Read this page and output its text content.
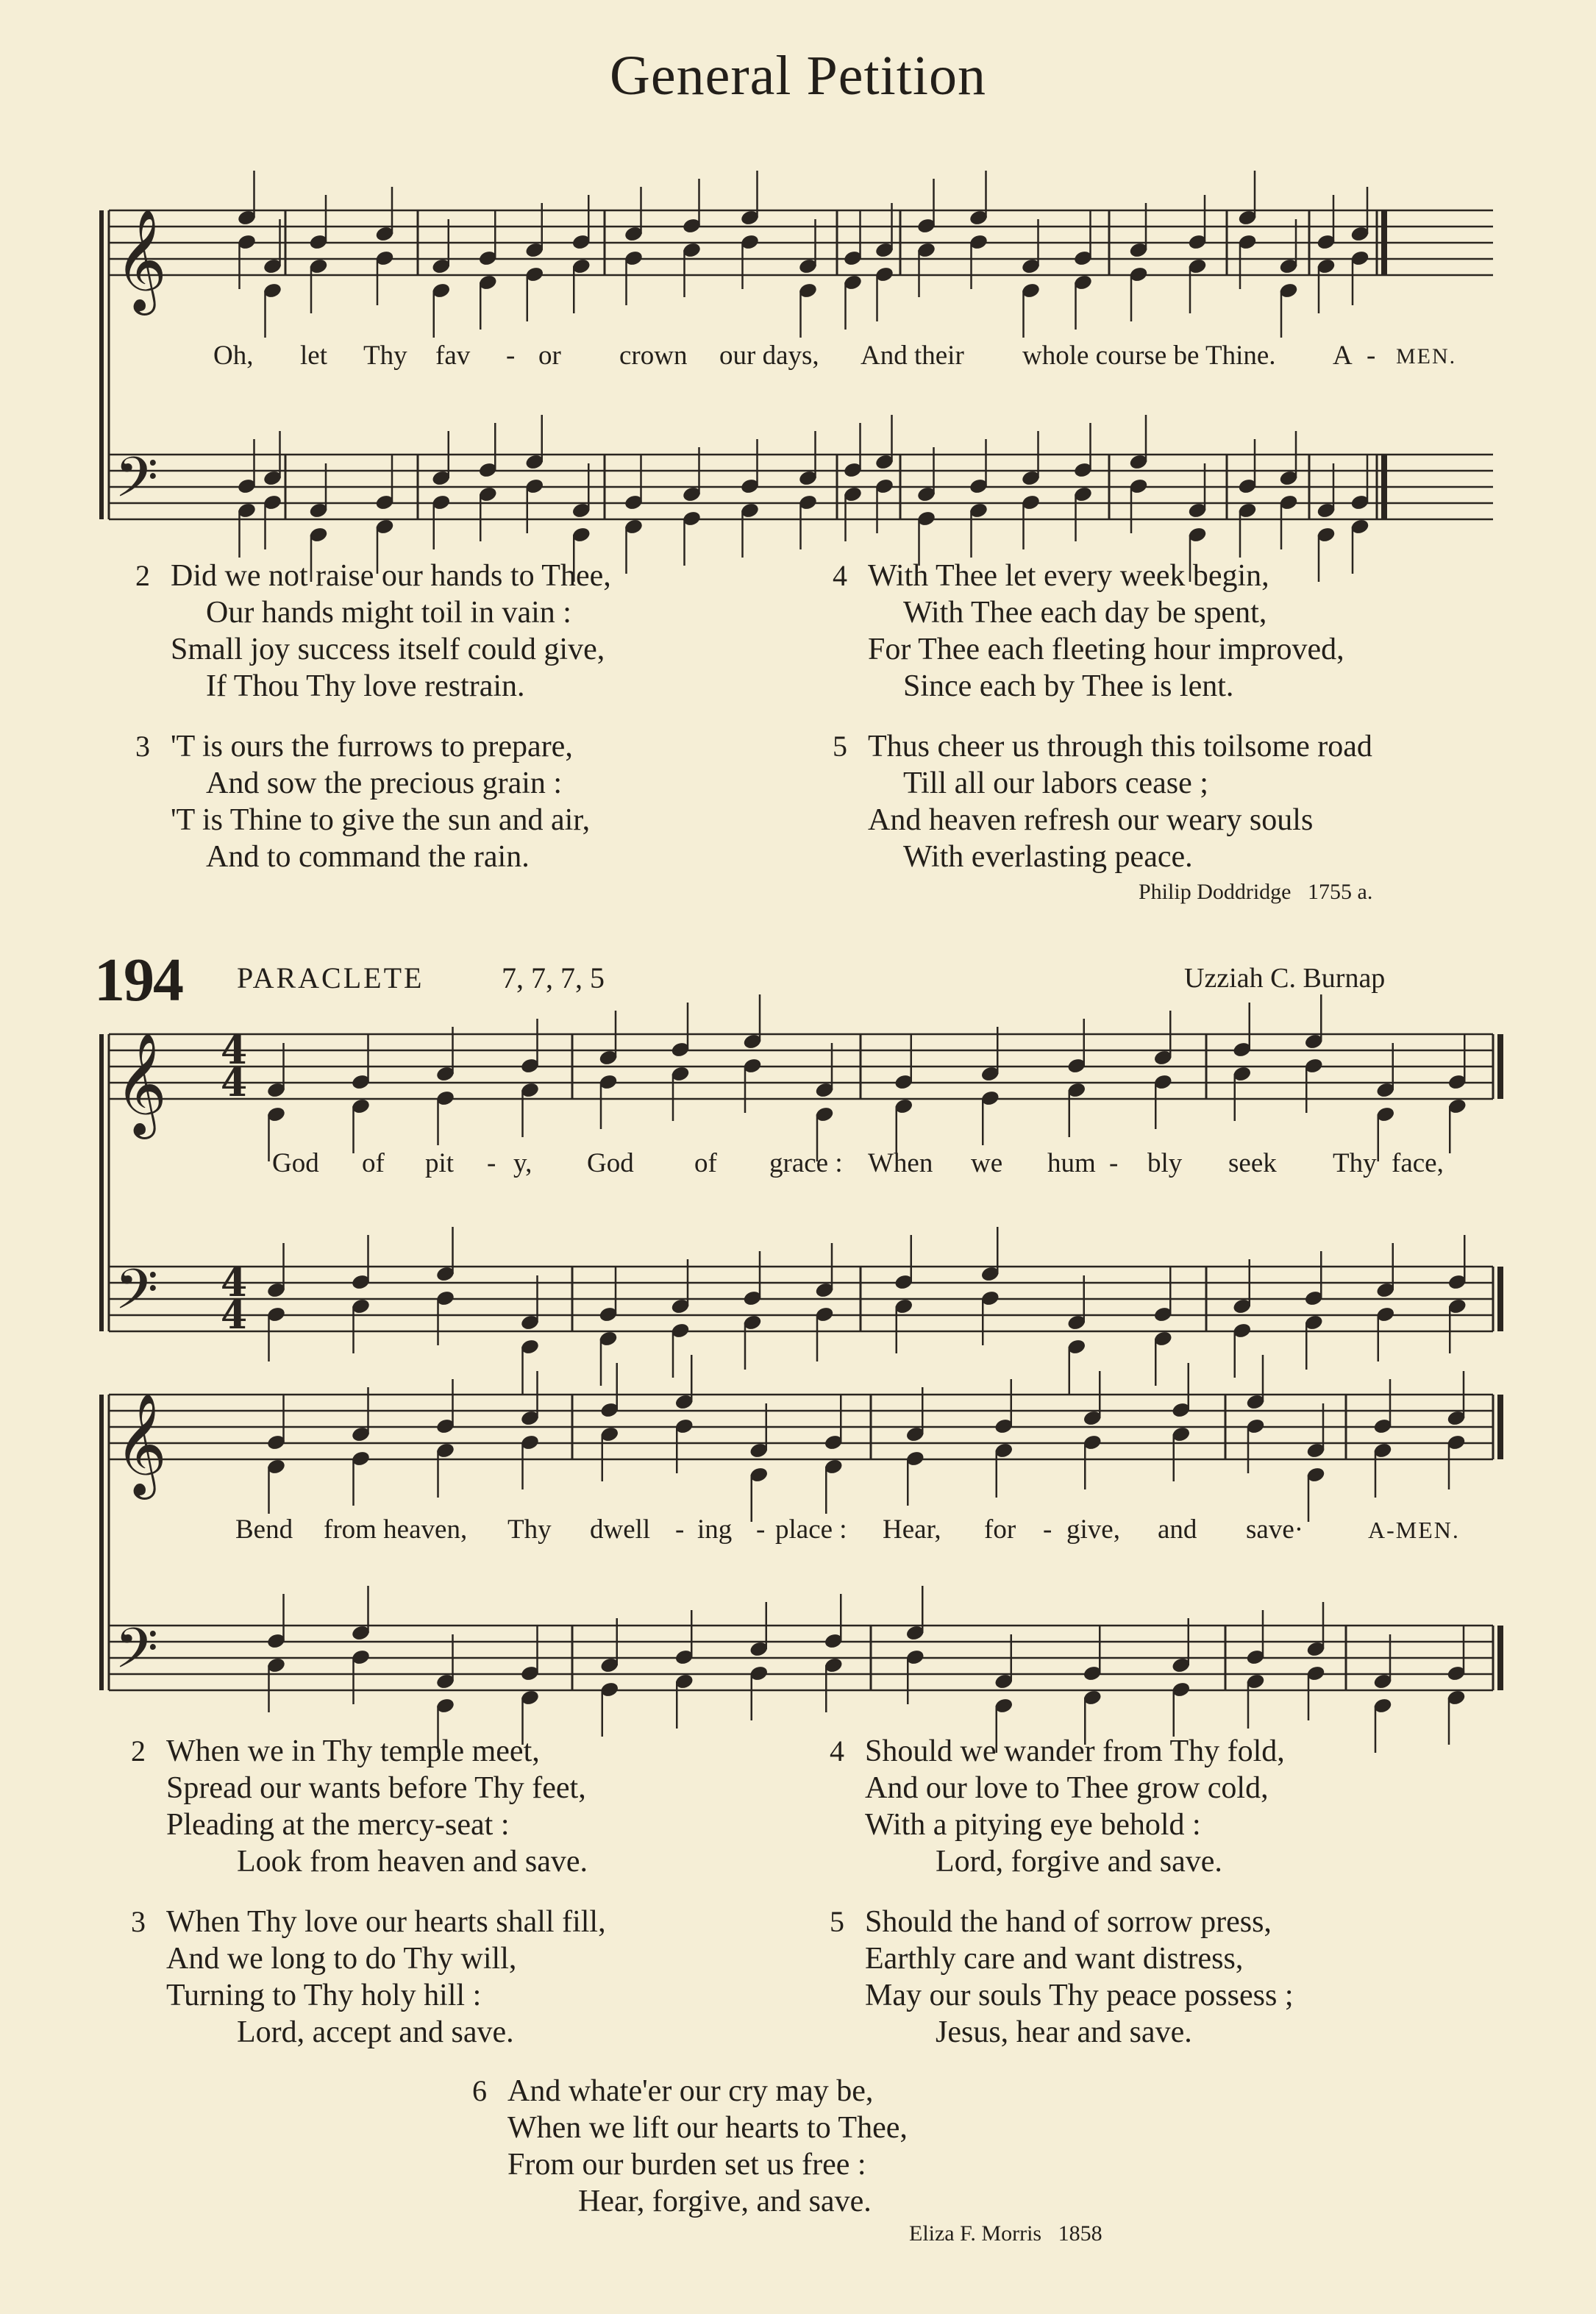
General Petition
𝄞
𝄢
𝄞
𝄢
𝄞
𝄢
4
4
4
4
Oh, let Thy fav - or crown our days, And their whole course be Thine. A - MEN.
2 Did we not raise our hands to Thee,
Our hands might toil in vain :
Small joy success itself could give,
If Thou Thy love restrain.
3 'T is ours the furrows to prepare,
And sow the precious grain :
'T is Thine to give the sun and air,
And to command the rain.
4 With Thee let every week begin,
With Thee each day be spent,
For Thee each fleeting hour improved,
Since each by Thee is lent.
5 Thus cheer us through this toilsome road
Till all our labors cease ;
And heaven refresh our weary souls
With everlasting peace.
Philip Doddridge 1755 a.
194 PARACLETE	7, 7, 7, 5	Uzziah C. Burnap
God of pit - y, God of grace : When we hum - bly seek Thy face,
Bend from heaven, Thy dwell - ing - place : Hear, for - give, and save·	A-MEN.
2 When we in Thy temple meet,
Spread our wants before Thy feet,
Pleading at the mercy-seat :
Look from heaven and save.
3 When Thy love our hearts shall fill,
And we long to do Thy will,
Turning to Thy holy hill :
Lord, accept and save.
4 Should we wander from Thy fold,
And our love to Thee grow cold,
With a pitying eye behold :
Lord, forgive and save.
5 Should the hand of sorrow press,
Earthly care and want distress,
May our souls Thy peace possess ;
Jesus, hear and save.
6 And whate'er our cry may be,
When we lift our hearts to Thee,
From our burden set us free :
Hear, forgive, and save.
Eliza F. Morris 1858
